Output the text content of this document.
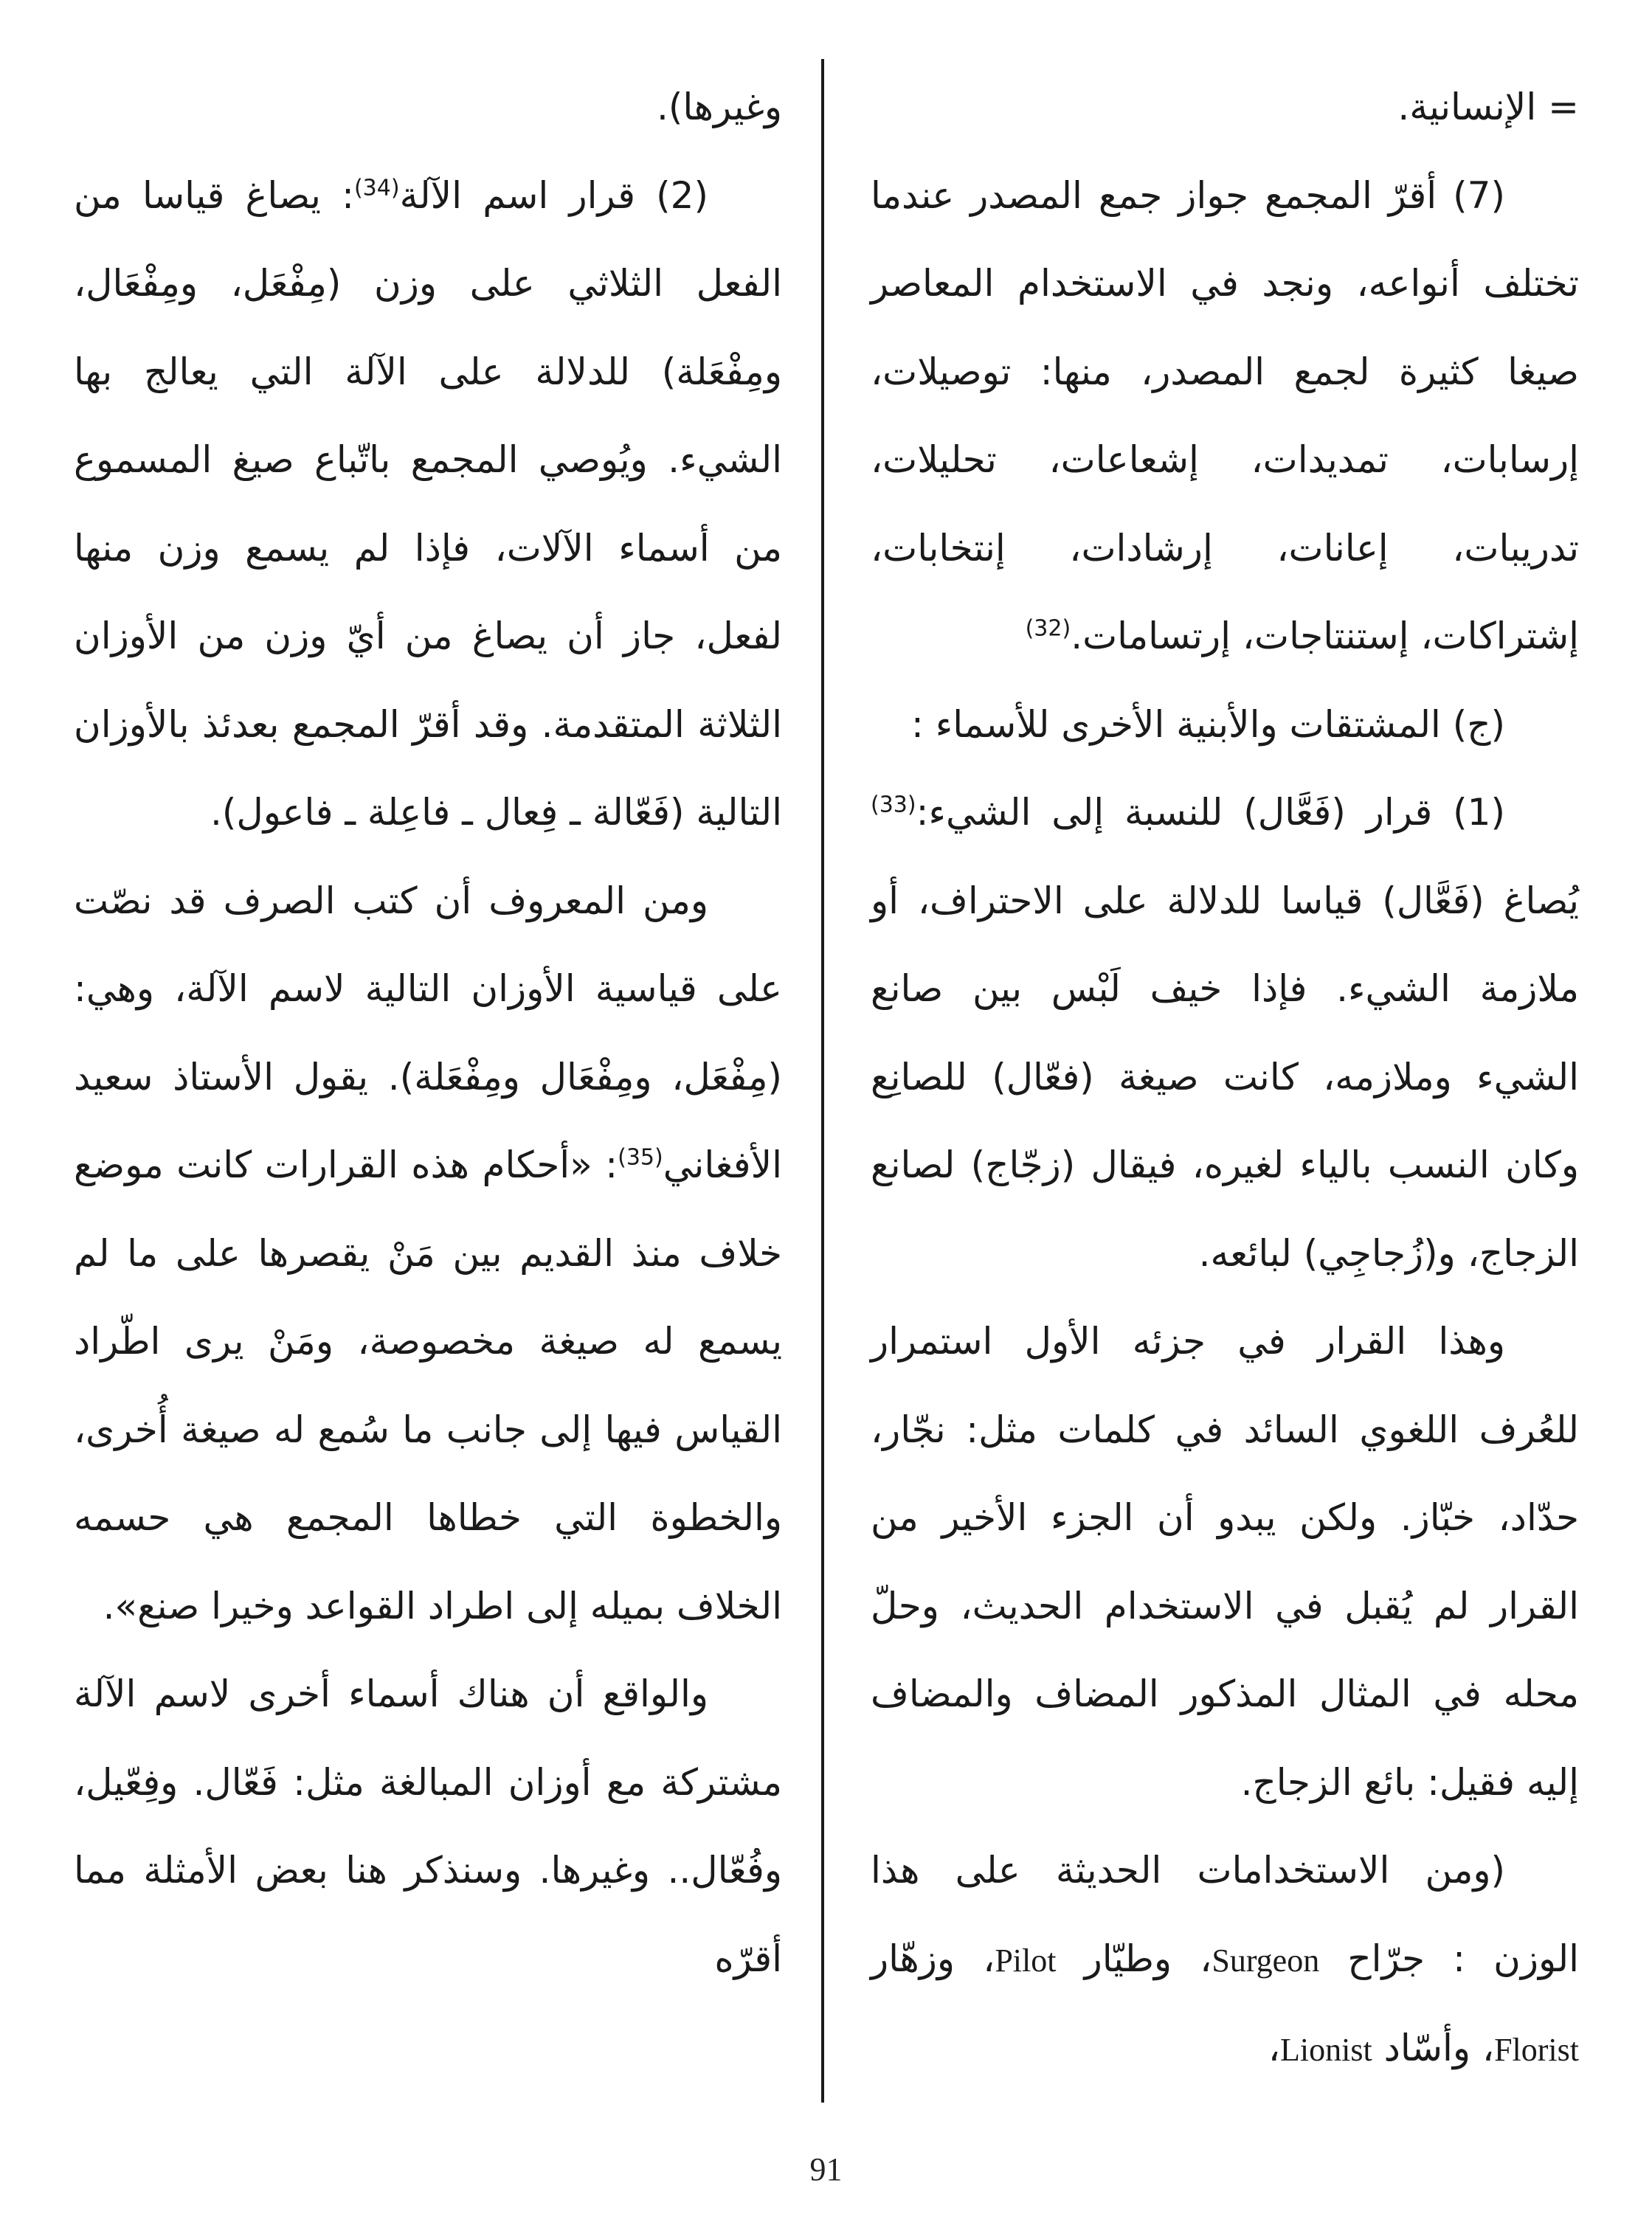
= الإنسانية.

(7) أقرّ المجمع جواز جمع المصدر عندما تختلف أنواعه، ونجد في الاستخدام المعاصر صيغا كثيرة لجمع المصدر، منها: توصيلات، إرسابات، تمديدات، إشعاعات، تحليلات، تدريبات، إعانات، إرشادات، إنتخابات، إشتراكات، إستنتاجات، إرتسامات.$^{(32)}$

(ج) المشتقات والأبنية الأخرى للأسماء :

(1) قرار (فَعَّال) للنسبة إلى الشيء:$^{(33)}$ يُصاغ (فَعَّال) قياسا للدلالة على الاحتراف، أو ملازمة الشيء. فإذا خيف لَبْس بين صانع الشيء وملازمه، كانت صيغة (فعّال) للصانِع وكان النسب بالياء لغيره، فيقال (زجّاج) لصانع الزجاج، و(زُجاجِي) لبائعه.

وهذا القرار في جزئه الأول استمرار للعُرف اللغوي السائد في كلمات مثل: نجّار، حدّاد، خبّاز. ولكن يبدو أن الجزء الأخير من القرار لم يُقبل في الاستخدام الحديث، وحلّ محله في المثال المذكور المضاف والمضاف إليه فقيل: بائع الزجاج.

(ومن الاستخدامات الحديثة على هذا الوزن : جرّاح Surgeon، وطيّار Pilot، وزهّار Florist، وأسّاد Lionist،

وغيرها).

(2) قرار اسم الآلة$^{(34)}$: يصاغ قياسا من الفعل الثلاثي على وزن (مِفْعَل، ومِفْعَال، ومِفْعَلة) للدلالة على الآلة التي يعالج بها الشيء. ويُوصي المجمع باتّباع صيغ المسموع من أسماء الآلات، فإذا لم يسمع وزن منها لفعل، جاز أن يصاغ من أيّ وزن من الأوزان الثلاثة المتقدمة. وقد أقرّ المجمع بعدئذ بالأوزان التالية (فَعّالة ـ فِعال ـ فاعِلة ـ فاعول).

ومن المعروف أن كتب الصرف قد نصّت على قياسية الأوزان التالية لاسم الآلة، وهي: (مِفْعَل، ومِفْعَال ومِفْعَلة). يقول الأستاذ سعيد الأفغاني$^{(35)}$: «أحكام هذه القرارات كانت موضع خلاف منذ القديم بين مَنْ يقصرها على ما لم يسمع له صيغة مخصوصة، ومَنْ يرى اطّراد القياس فيها إلى جانب ما سُمع له صيغة أُخرى، والخطوة التي خطاها المجمع هي حسمه الخلاف بميله إلى اطراد القواعد وخيرا صنع».

والواقع أن هناك أسماء أخرى لاسم الآلة مشتركة مع أوزان المبالغة مثل: فَعّال. وفِعّيل، وفُعّال.. وغيرها. وسنذكر هنا بعض الأمثلة مما أقرّه

91
